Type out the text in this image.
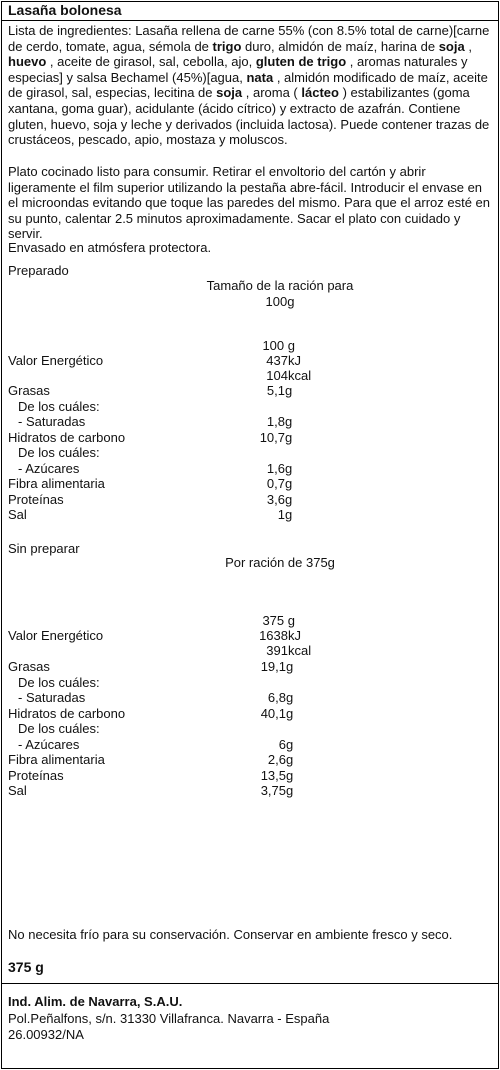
Lasaña bolonesa
Lista de ingredientes: Lasaña rellena de carne 55% (con 8.5% total de carne)[carne de cerdo, tomate, agua, sémola de trigo duro, almidón de maíz, harina de soja , huevo , aceite de girasol, sal, cebolla, ajo, gluten de trigo , aromas naturales y especias] y salsa Bechamel (45%)[agua, nata , almidón modificado de maíz, aceite de girasol, sal, especias, lecitina de soja , aroma ( lácteo ) estabilizantes (goma xantana, goma guar), acidulante (ácido cítrico) y extracto de azafrán. Contiene gluten, huevo, soja y leche y derivados (incluida lactosa). Puede contener trazas de crustáceos, pescado, apio, mostaza y moluscos.
Plato cocinado listo para consumir. Retirar el envoltorio del cartón y abrir ligeramente el film superior utilizando la pestaña abre-fácil. Introducir el envase en el microondas evitando que toque las paredes del mismo. Para que el arroz esté en su punto, calentar 2.5 minutos aproximadamente. Sacar el plato con cuidado y servir.
Envasado en atmósfera protectora.
Preparado
Tamaño de la ración para
100g
100 g
Valor Energético	437 kJ
104 kcal
Grasas	5,1 g
De los cuáles:
- Saturadas	1,8 g
Hidratos de carbono	10,7 g
De los cuáles:
- Azúcares	1,6 g
Fibra alimentaria	0,7 g
Proteínas	3,6 g
Sal	1 g
Sin preparar
Por ración de 375g
375 g
Valor Energético	1638 kJ
391 kcal
Grasas	19,1 g
De los cuáles:
- Saturadas	6,8 g
Hidratos de carbono	40,1 g
De los cuáles:
- Azúcares	6 g
Fibra alimentaria	2,6 g
Proteínas	13,5 g
Sal	3,75 g
No necesita frío para su conservación. Conservar en ambiente fresco y seco.
375 g
Ind. Alim. de Navarra, S.A.U.
Pol.Peñalfons, s/n. 31330 Villafranca. Navarra - España
26.00932/NA
